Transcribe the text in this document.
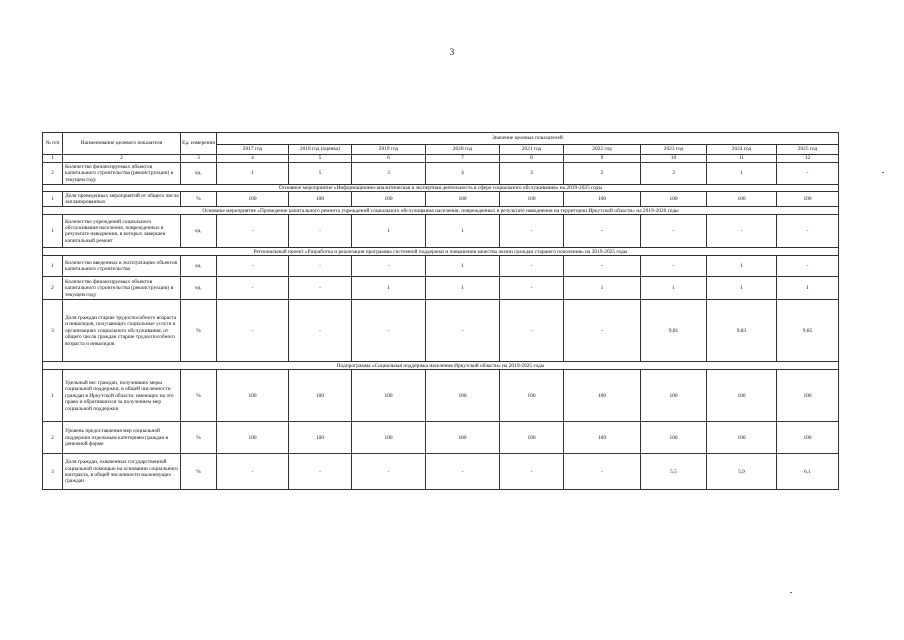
3
№ п/п	Наименование целевого показателя	Ед. измерения	Значение целевых показателей								
			2017 год	2018 год (оценка)	2019 год	2020 год	2021 год	2022 год	2023 год	2024 год	2025 год
1	2	3	4	5	6	7	8	9	10	11	12
2	Количество финансируемых объектов капитального строительства (реконструкции) в текущем году	ед.	1	5	3	4	3	2	3	1	-
Основное мероприятие «Информационно-аналитическая и экспертная деятельность в сфере социального обслуживания» на 2019-2025 годы											
1	Доля проведенных мероприятий от общего числа запланированных	%	100	100	100	100	100	100	100	100	100
Основное мероприятие «Проведение капитального ремонта учреждений социального обслуживания населения, поврежденных в результате наводнения на территории Иркутской области» на 2019-2020 годы											
1	Количество учреждений социального обслуживания населения, поврежденных в результате наводнения, в которых завершен капитальный ремонт	ед.	-	-	1	1	-	-	-	-	-
Региональный проект «Разработка и реализация программы системной поддержки и повышения качества жизни граждан старшего поколения» на 2019-2025 годы											
1	Количество введенных в эксплуатацию объектов капитального строительства	ед.	-	-	-	1	-	-	-	1	-
2	Количество финансируемых объектов капитального строительства (реконструкции) в текущем году	ед.	-	-	1	1	-	1	1	1	1
3	Доля граждан старше трудоспособного возраста и инвалидов, получающих социальные услуги в организациях социального обслуживания, от общего числа граждан старше трудоспособного возраста и инвалидов	%	-	-	-	-	-	-	9,81	9,83	9,85
Подпрограмма «Социальная поддержка населения Иркутской области» на 2019-2025 годы											
1	Удельный вес граждан, получивших меры социальной поддержки, в общей численности граждан в Иркутской области, имеющих на это право и обратившихся за получением мер социальной поддержки	%	100	100	100	100	100	100	100	100	100
2	Уровень предоставления мер социальной поддержки отдельным категориям граждан в денежной форме	%	100	100	100	100	100	100	100	100	100
3	Доля граждан, охваченных государственной социальной помощью на основании социального контракта, в общей численности малоимущих граждан	%	-	-	-	-	-	-	5,5	5,9	6,1
